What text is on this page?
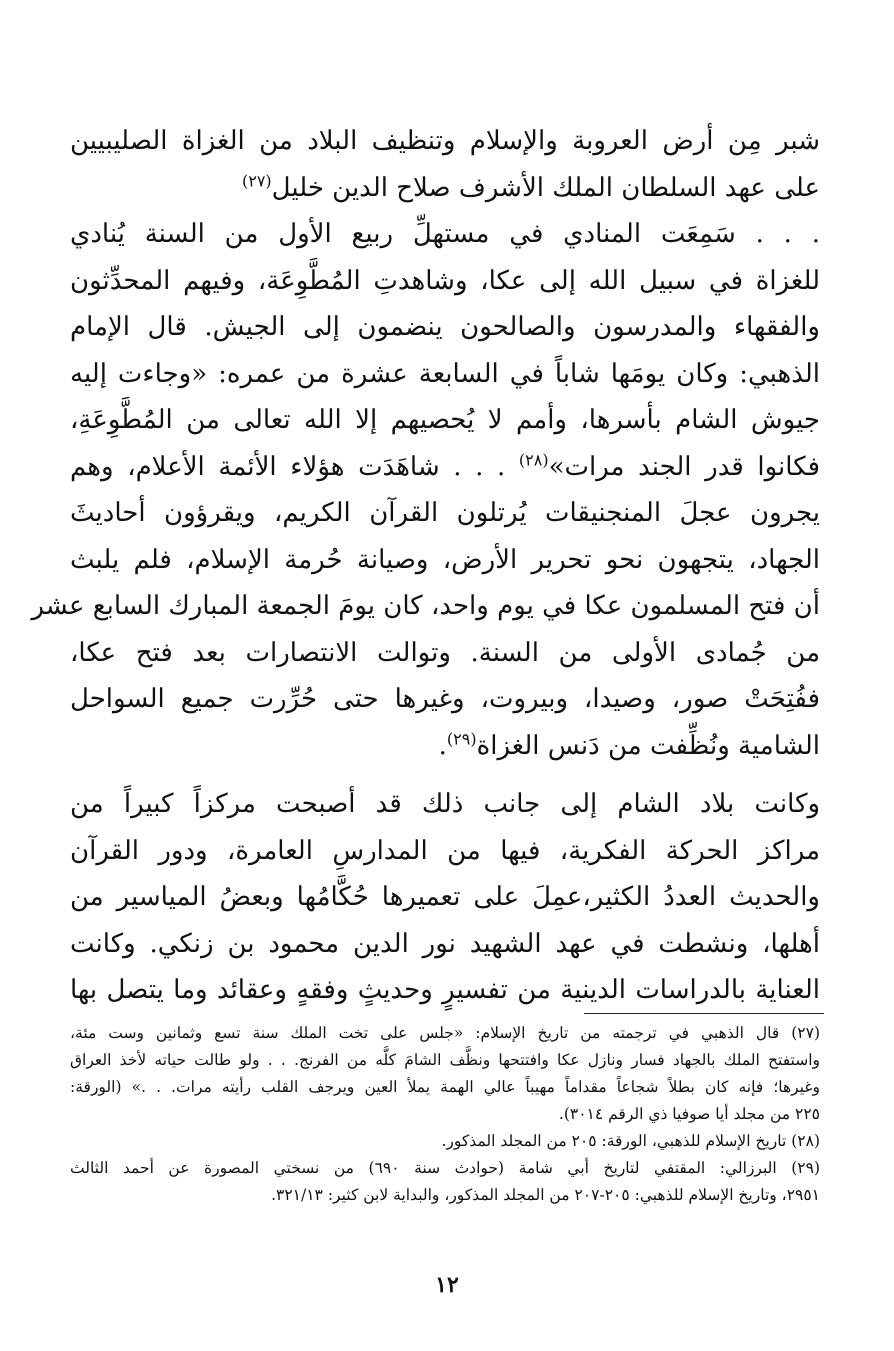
شبر مِن أرض العروبة والإسلام وتنظيف البلاد من الغزاة الصليبيين
على عهد السلطان الملك الأشرف صلاح الدين خليل$^{(٢٧)}$
. . . سَمِعَت المنادي في مستهلِّ ربيع الأول من السنة يُنادي
للغزاة في سبيل الله إلى عكا، وشاهدتِ المُطَّوِعَة، وفيهم المحدِّثون
والفقهاء والمدرسون والصالحون ينضمون إلى الجيش. قال الإمام
الذهبي: وكان يومَها شاباً في السابعة عشرة من عمره: «وجاءت إليه
جيوش الشام بأسرها، وأمم لا يُحصيهم إلا الله تعالى من المُطَّوِعَةِ،
فكانوا قدر الجند مرات»$^{(٢٨)}$ . . . شاهَدَت هؤلاء الأئمة الأعلام، وهم
يجرون عجلَ المنجنيقات يُرتلون القرآن الكريم، ويقرؤون أحاديثَ
الجهاد، يتجهون نحو تحرير الأرض، وصيانة حُرمة الإسلام، فلم يلبث
أن فتح المسلمون عكا في يوم واحد، كان يومَ الجمعة المبارك السابع عشر
من جُمادى الأولى من السنة. وتوالت الانتصارات بعد فتح عكا،
ففُتِحَتْ صور، وصيدا، وبيروت، وغيرها حتى حُرِّرت جميع السواحل
الشامية ونُظِّفت من دَنس الغزاة$^{(٢٩)}$.
وكانت بلاد الشام إلى جانب ذلك قد أصبحت مركزاً كبيراً من
مراكز الحركة الفكرية، فيها من المدارسِ العامرة، ودور القرآن
والحديث العددُ الكثير،عمِلَ على تعميرها حُكَّامُها وبعضُ المياسير من
أهلها، ونشطت في عهد الشهيد نور الدين محمود بن زنكي. وكانت
العناية بالدراسات الدينية من تفسيرٍ وحديثٍ وفقهٍ وعقائد وما يتصل بها
(٢٧) قال الذهبي في ترجمته من تاريخ الإسلام: «جلس على تخت الملك سنة تسع وثمانين وست مئة،
واستفتح الملك بالجهاد فسار ونازل عكا وافتتحها ونظَّف الشامَ كلَّه من الفرنج. . . ولو طالت حياته لأخذ العراق
وغيرها؛ فإنه كان بطلاً شجاعاً مقداماً مهيباً عالي الهمة يملأ العين ويرجف القلب رأيته مرات. . .» (الورقة:
٢٢٥ من مجلد أيا صوفيا ذي الرقم ٣٠١٤).
(٢٨) تاريخ الإسلام للذهبي، الورقة: ٢٠٥ من المجلد المذكور.
(٢٩) البرزالي: المقتفي لتاريخ أبي شامة (حوادث سنة ٦٩٠) من نسختي المصورة عن أحمد الثالث
٢٩٥١، وتاريخ الإسلام للذهبي: ٢٠٥-٢٠٧ من المجلد المذكور، والبداية لابن كثير: ٣٢١/١٣.
١٢
